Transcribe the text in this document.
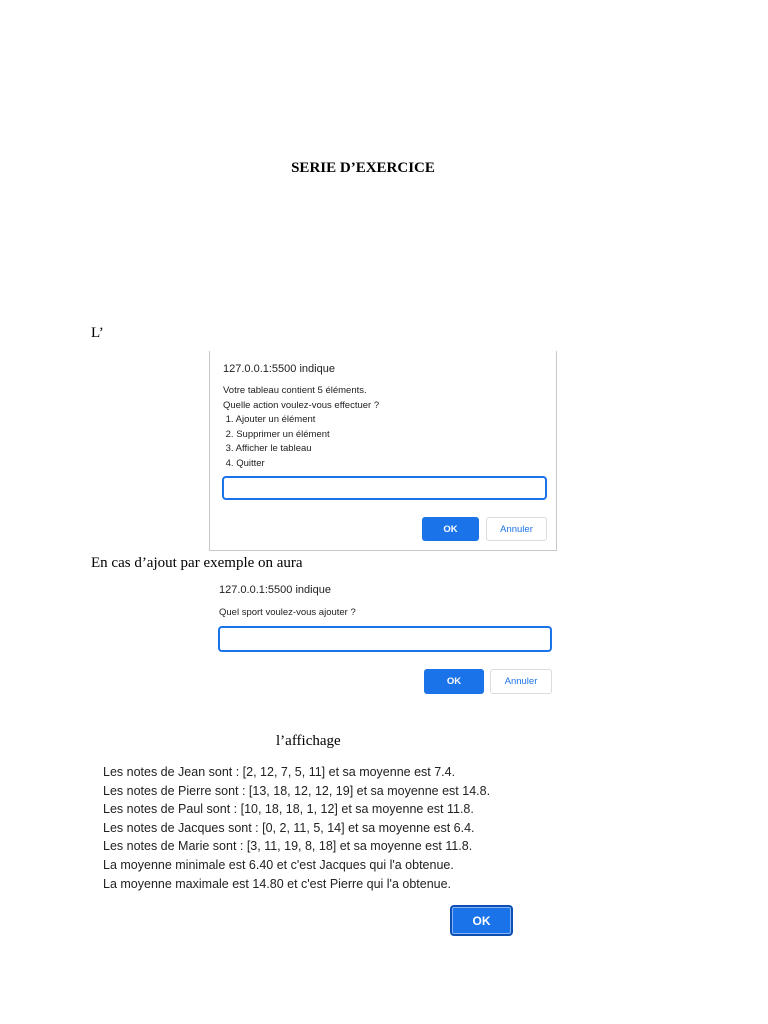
SERIE D’EXERCICE
L’
127.0.0.1:5500 indique
Votre tableau contient 5 éléments.
Quelle action voulez-vous effectuer ?
1. Ajouter un élément
2. Supprimer un élément
3. Afficher le tableau
4. Quitter
OK	Annuler
En cas d’ajout par exemple on aura
127.0.0.1:5500 indique
Quel sport voulez-vous ajouter ?
OK	Annuler
l’affichage
Les notes de Jean sont : [2, 12, 7, 5, 11] et sa moyenne est 7.4.
Les notes de Pierre sont : [13, 18, 12, 12, 19] et sa moyenne est 14.8.
Les notes de Paul sont : [10, 18, 18, 1, 12] et sa moyenne est 11.8.
Les notes de Jacques sont : [0, 2, 11, 5, 14] et sa moyenne est 6.4.
Les notes de Marie sont : [3, 11, 19, 8, 18] et sa moyenne est 11.8.
La moyenne minimale est 6.40 et c'est Jacques qui l'a obtenue.
La moyenne maximale est 14.80 et c'est Pierre qui l'a obtenue.
OK
